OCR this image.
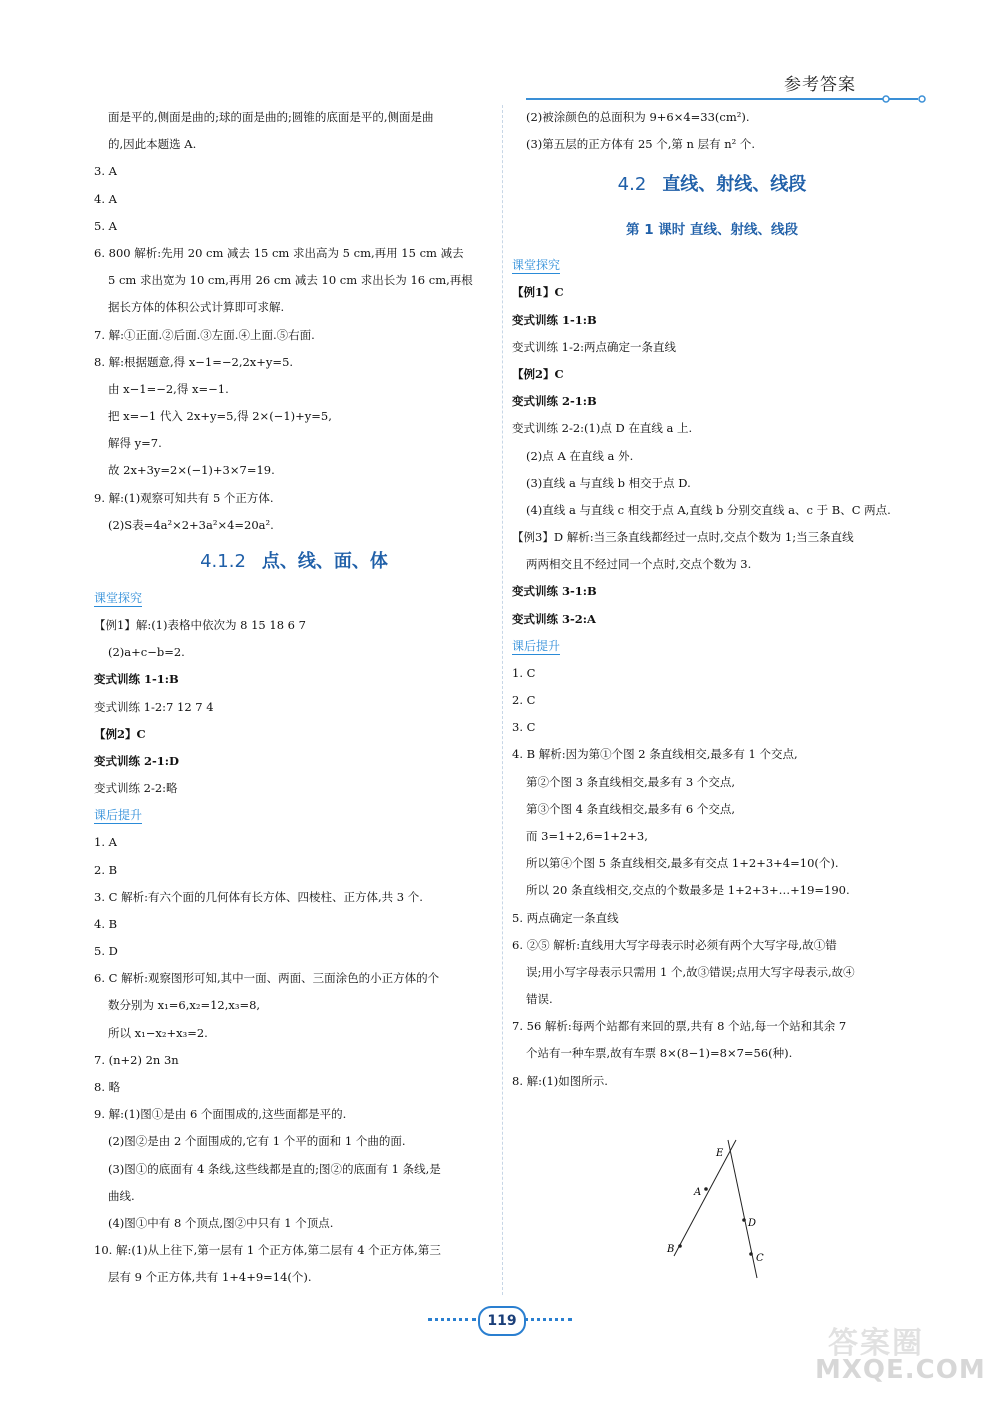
参考答案
面是平的,侧面是曲的;球的面是曲的;圆锥的底面是平的,侧面是曲
的,因此本题选 A.
3. A
4. A
5. A
6. 800 解析:先用 20 cm 减去 15 cm 求出高为 5 cm,再用 15 cm 减去
5 cm 求出宽为 10 cm,再用 26 cm 减去 10 cm 求出长为 16 cm,再根
据长方体的体积公式计算即可求解.
7. 解:①正面.②后面.③左面.④上面.⑤右面.
8. 解:根据题意,得 x−1=−2,2x+y=5.
由 x−1=−2,得 x=−1.
把 x=−1 代入 2x+y=5,得 2×(−1)+y=5,
解得 y=7.
故 2x+3y=2×(−1)+3×7=19.
9. 解:(1)观察可知共有 5 个正方体.
(2)S表=4a²×2+3a²×4=20a².
4.1.2 点、线、面、体
课堂探究
【例1】解:(1)表格中依次为 8 15 18 6 7
(2)a+c−b=2.
变式训练 1-1:B
变式训练 1-2:7 12 7 4
【例2】C
变式训练 2-1:D
变式训练 2-2:略
课后提升
1. A
2. B
3. C 解析:有六个面的几何体有长方体、四棱柱、正方体,共 3 个.
4. B
5. D
6. C 解析:观察图形可知,其中一面、两面、三面涂色的小正方体的个
数分别为 x₁=6,x₂=12,x₃=8,
所以 x₁−x₂+x₃=2.
7. (n+2) 2n 3n
8. 略
9. 解:(1)图①是由 6 个面围成的,这些面都是平的.
(2)图②是由 2 个面围成的,它有 1 个平的面和 1 个曲的面.
(3)图①的底面有 4 条线,这些线都是直的;图②的底面有 1 条线,是
曲线.
(4)图①中有 8 个顶点,图②中只有 1 个顶点.
10. 解:(1)从上往下,第一层有 1 个正方体,第二层有 4 个正方体,第三
层有 9 个正方体,共有 1+4+9=14(个).
(2)被涂颜色的总面积为 9+6×4=33(cm²).
(3)第五层的正方体有 25 个,第 n 层有 n² 个.
4.2 直线、射线、线段
第 1 课时 直线、射线、线段
课堂探究
【例1】C
变式训练 1-1:B
变式训练 1-2:两点确定一条直线
【例2】C
变式训练 2-1:B
变式训练 2-2:(1)点 D 在直线 a 上.
(2)点 A 在直线 a 外.
(3)直线 a 与直线 b 相交于点 D.
(4)直线 a 与直线 c 相交于点 A,直线 b 分别交直线 a、c 于 B、C 两点.
【例3】D 解析:当三条直线都经过一点时,交点个数为 1;当三条直线
两两相交且不经过同一个点时,交点个数为 3.
变式训练 3-1:B
变式训练 3-2:A
课后提升
1. C
2. C
3. C
4. B 解析:因为第①个图 2 条直线相交,最多有 1 个交点,
第②个图 3 条直线相交,最多有 3 个交点,
第③个图 4 条直线相交,最多有 6 个交点,
而 3=1+2,6=1+2+3,
所以第④个图 5 条直线相交,最多有交点 1+2+3+4=10(个).
所以 20 条直线相交,交点的个数最多是 1+2+3+…+19=190.
5. 两点确定一条直线
6. ②⑤ 解析:直线用大写字母表示时必须有两个大写字母,故①错
误;用小写字母表示只需用 1 个,故③错误;点用大写字母表示,故④
错误.
7. 56 解析:每两个站都有来回的票,共有 8 个站,每一个站和其余 7
个站有一种车票,故有车票 8×(8−1)=8×7=56(种).
8. 解:(1)如图所示.
E
A
D
B
C
119
答案圈
MXQE.COM
